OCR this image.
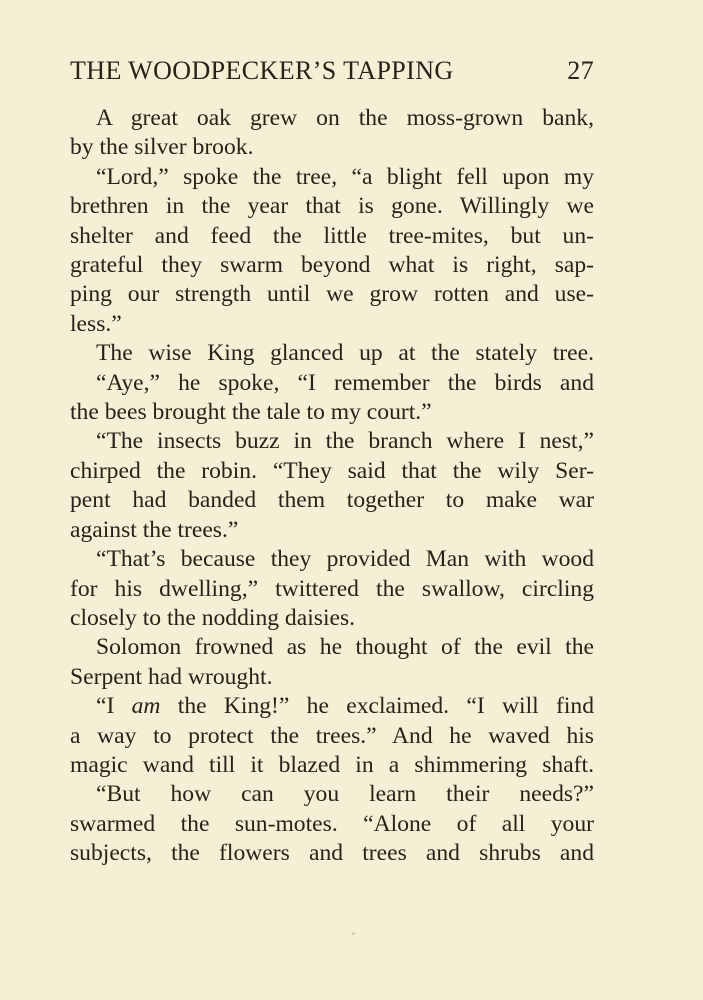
THE WOODPECKER’S TAPPING	27

A great oak grew on the moss-grown bank,
by the silver brook.

“Lord,” spoke the tree, “a blight fell upon my
brethren in the year that is gone. Willingly we
shelter and feed the little tree-mites, but un-
grateful they swarm beyond what is right, sap-
ping our strength until we grow rotten and use-
less.”

The wise King glanced up at the stately tree.

“Aye,” he spoke, “I remember the birds and
the bees brought the tale to my court.”

“The insects buzz in the branch where I nest,”
chirped the robin. “They said that the wily Ser-
pent had banded them together to make war
against the trees.”

“That’s because they provided Man with wood
for his dwelling,” twittered the swallow, circling
closely to the nodding daisies.

Solomon frowned as he thought of the evil the
Serpent had wrought.

“I am the King!” he exclaimed. “I will find
a way to protect the trees.” And he waved his
magic wand till it blazed in a shimmering shaft.

“But how can you learn their needs?”
swarmed the sun-motes. “Alone of all your
subjects, the flowers and trees and shrubs and
